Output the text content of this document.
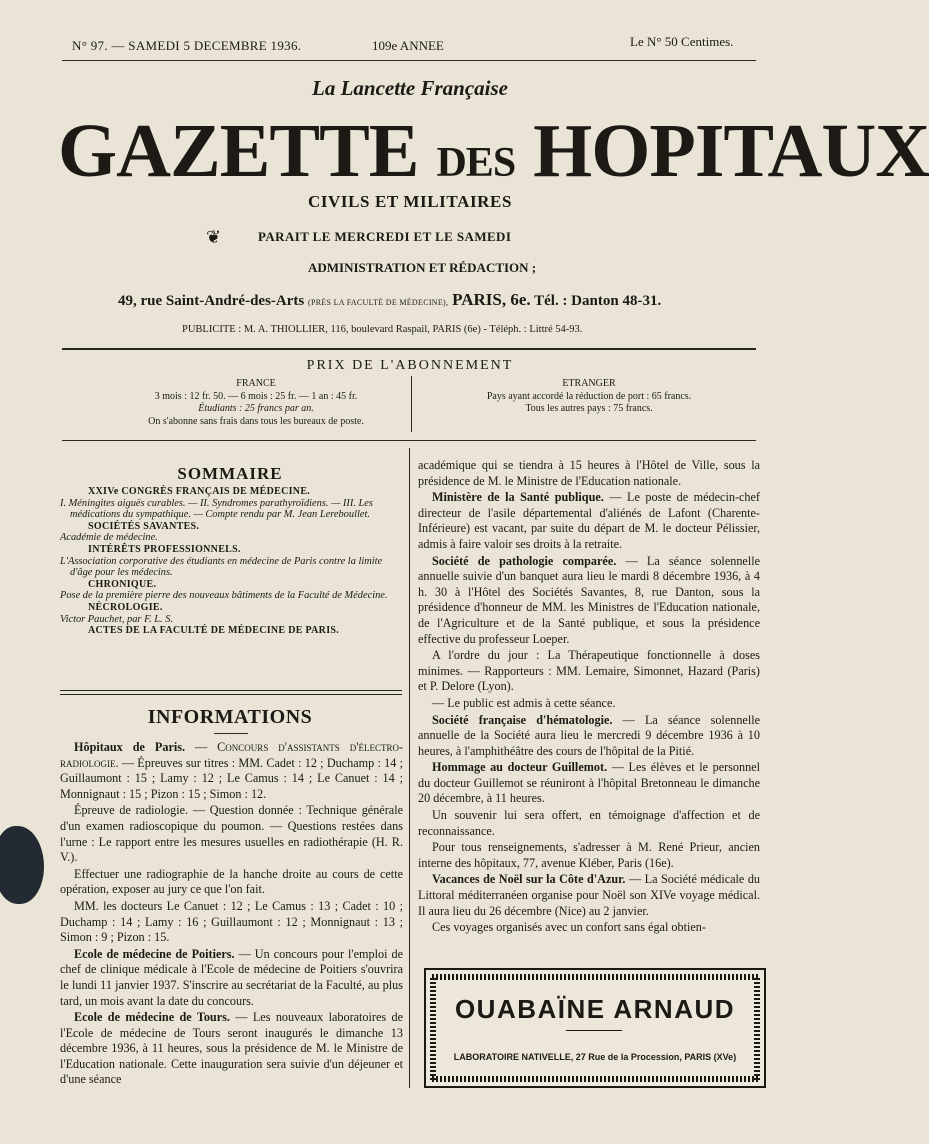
N° 97. — SAMEDI 5 DECEMBRE 1936.	109e ANNEE	Le N° 50 Centimes.
La Lancette Française
GAZETTE DES HOPITAUX
CIVILS ET MILITAIRES
❦	PARAIT LE MERCREDI ET LE SAMEDI
ADMINISTRATION ET RÉDACTION ;
49, rue Saint-André-des-Arts (PRÈS LA FACULTÉ DE MÉDECINE), PARIS, 6e. Tél. : Danton 48-31.
PUBLICITE : M. A. THIOLLIER, 116, boulevard Raspail, PARIS (6e) - Téléph. : Littré 54-93.
PRIX DE L'ABONNEMENT
FRANCE
3 mois : 12 fr. 50. — 6 mois : 25 fr. — 1 an : 45 fr.
Étudiants : 25 francs par an.
On s'abonne sans frais dans tous les bureaux de poste.
ETRANGER
Pays ayant accordé la réduction de port : 65 francs.
Tous les autres pays : 75 francs.
SOMMAIRE

XXIVe CONGRÈS FRANÇAIS DE MÉDECINE.

I. Méningites aiguës curables. — II. Syndromes parathyroïdiens. — III. Les médications du sympathique. — Compte rendu par M. Jean Lereboullet.

SOCIÉTÉS SAVANTES.

Académie de médecine.

INTÉRÊTS PROFESSIONNELS.

L'Association corporative des étudiants en médecine de Paris contre la limite d'âge pour les médecins.

CHRONIQUE.

Pose de la première pierre des nouveaux bâtiments de la Faculté de Médecine.

NÉCROLOGIE.

Victor Pauchet, par F. L. S.

ACTES DE LA FACULTÉ DE MÉDECINE DE PARIS.

INFORMATIONS

Hôpitaux de Paris. — Concours d'assistants d'électro-radiologie. — Épreuves sur titres : MM. Cadet : 12 ; Duchamp : 14 ; Guillaumont : 15 ; Lamy : 12 ; Le Camus : 14 ; Le Canuet : 14 ; Monnignaut : 15 ; Pizon : 15 ; Simon : 12.

Épreuve de radiologie. — Question donnée : Technique générale d'un examen radioscopique du poumon. — Questions restées dans l'urne : Le rapport entre les mesures usuelles en radiothérapie (H. R. V.).

Effectuer une radiographie de la hanche droite au cours de cette opération, exposer au jury ce que l'on fait.

MM. les docteurs Le Canuet : 12 ; Le Camus : 13 ; Cadet : 10 ; Duchamp : 14 ; Lamy : 16 ; Guillaumont : 12 ; Monnignaut : 13 ; Simon : 9 ; Pizon : 15.

Ecole de médecine de Poitiers. — Un concours pour l'emploi de chef de clinique médicale à l'Ecole de médecine de Poitiers s'ouvrira le lundi 11 janvier 1937. S'inscrire au secrétariat de la Faculté, au plus tard, un mois avant la date du concours.

Ecole de médecine de Tours. — Les nouveaux laboratoires de l'Ecole de médecine de Tours seront inaugurés le dimanche 13 décembre 1936, à 11 heures, sous la présidence de M. le Ministre de l'Education nationale. Cette inauguration sera suivie d'un déjeuner et d'une séance

académique qui se tiendra à 15 heures à l'Hôtel de Ville, sous la présidence de M. le Ministre de l'Education nationale.

Ministère de la Santé publique. — Le poste de médecin-chef directeur de l'asile départemental d'aliénés de Lafont (Charente-Inférieure) est vacant, par suite du départ de M. le docteur Pélissier, admis à faire valoir ses droits à la retraite.

Société de pathologie comparée. — La séance solennelle annuelle suivie d'un banquet aura lieu le mardi 8 décembre 1936, à 4 h. 30 à l'Hôtel des Sociétés Savantes, 8, rue Danton, sous la présidence d'honneur de MM. les Ministres de l'Education nationale, de l'Agriculture et de la Santé publique, et sous la présidence effective du professeur Loeper.

A l'ordre du jour : La Thérapeutique fonctionnelle à doses minimes. — Rapporteurs : MM. Lemaire, Simonnet, Hazard (Paris) et P. Delore (Lyon).

— Le public est admis à cette séance.

Société française d'hématologie. — La séance solennelle annuelle de la Société aura lieu le mercredi 9 décembre 1936 à 10 heures, à l'amphithéâtre des cours de l'hôpital de la Pitié.

Hommage au docteur Guillemot. — Les élèves et le personnel du docteur Guillemot se réuniront à l'hôpital Bretonneau le dimanche 20 décembre, à 11 heures.

Un souvenir lui sera offert, en témoignage d'affection et de reconnaissance.

Pour tous renseignements, s'adresser à M. René Prieur, ancien interne des hôpitaux, 77, avenue Kléber, Paris (16e).

Vacances de Noël sur la Côte d'Azur. — La Société médicale du Littoral méditerranéen organise pour Noël son XIVe voyage médical. Il aura lieu du 26 décembre (Nice) au 2 janvier.

Ces voyages organisés avec un confort sans égal obtien-

OUABAÏNE ARNAUD
LABORATOIRE NATIVELLE, 27 Rue de la Procession, PARIS (XVe)
